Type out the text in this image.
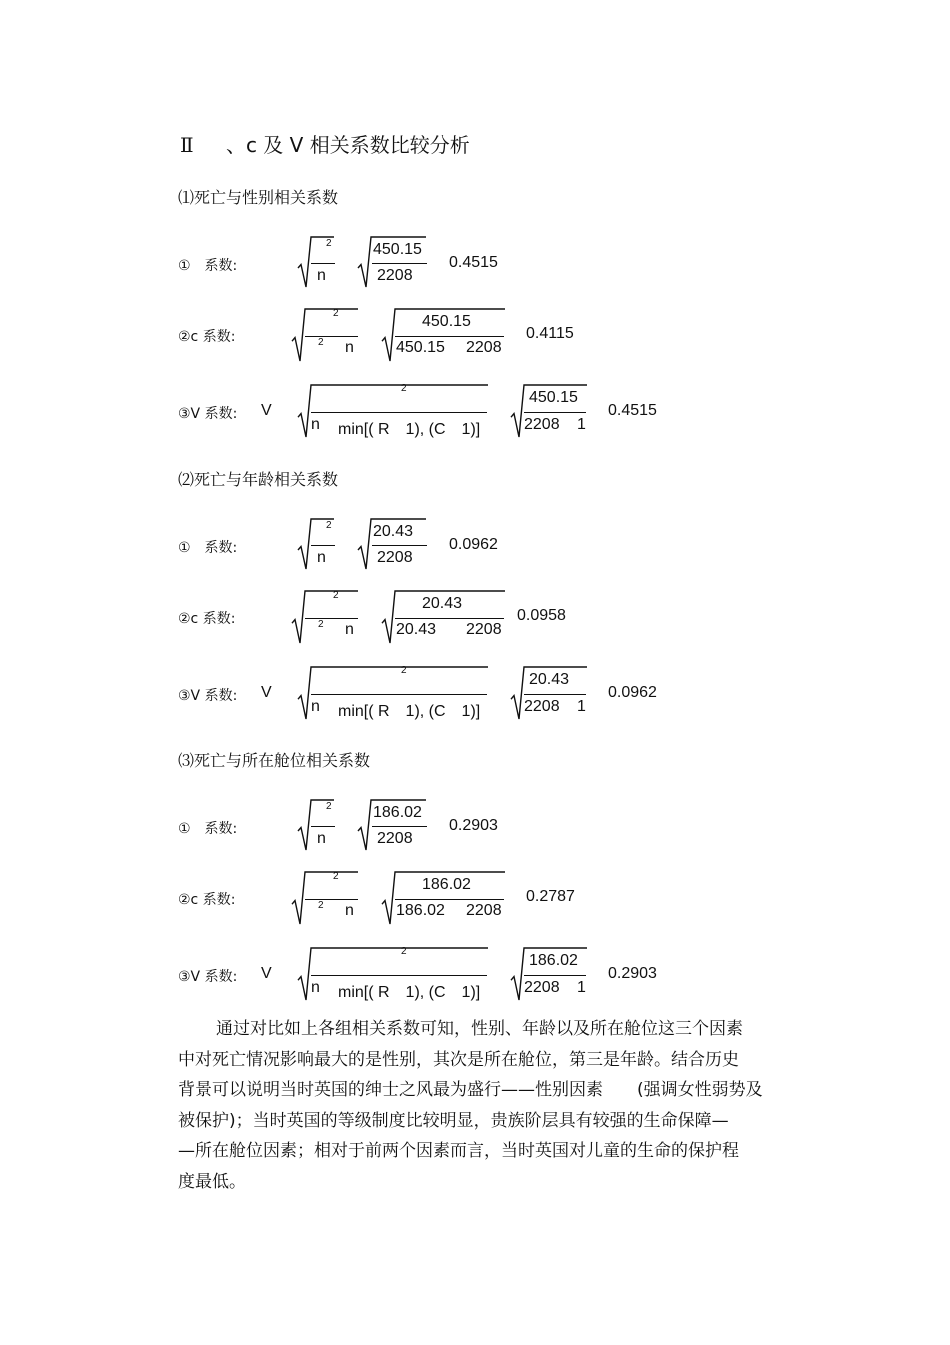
Ⅱ 、c 及 V 相关系数比较分析
⑴死亡与性别相关系数
①　系数:
2
n
450.15
2208
0.4515
②c 系数:
2
2 n
450.15
450.15 2208
0.4115
③V 系数: V
2
n min[( R　1), (C　1)]
450.15
2208 1
0.4515
⑵死亡与年龄相关系数
①　系数:
2
n
20.43
2208
0.0962
②c 系数:
2
2 n
20.43
20.43 2208
0.0958
③V 系数: V
2
n min[( R　1), (C　1)]
20.43
2208 1
0.0962
⑶死亡与所在舱位相关系数
①　系数:
2
n
186.02
2208
0.2903
②c 系数:
2
2 n
186.02
186.02 2208
0.2787
③V 系数: V
2
n min[( R　1), (C　1)]
186.02
2208 1
0.2903

通过对比如上各组相关系数可知，性别、年龄以及所在舱位这三个因素

中对死亡情况影响最大的是性别，其次是所在舱位，第三是年龄。结合历史

背景可以说明当时英国的绅士之风最为盛行——性别因素　　(强调女性弱势及

被保护)；当时英国的等级制度比较明显，贵族阶层具有较强的生命保障—

—所在舱位因素；相对于前两个因素而言，当时英国对儿童的生命的保护程

度最低。
